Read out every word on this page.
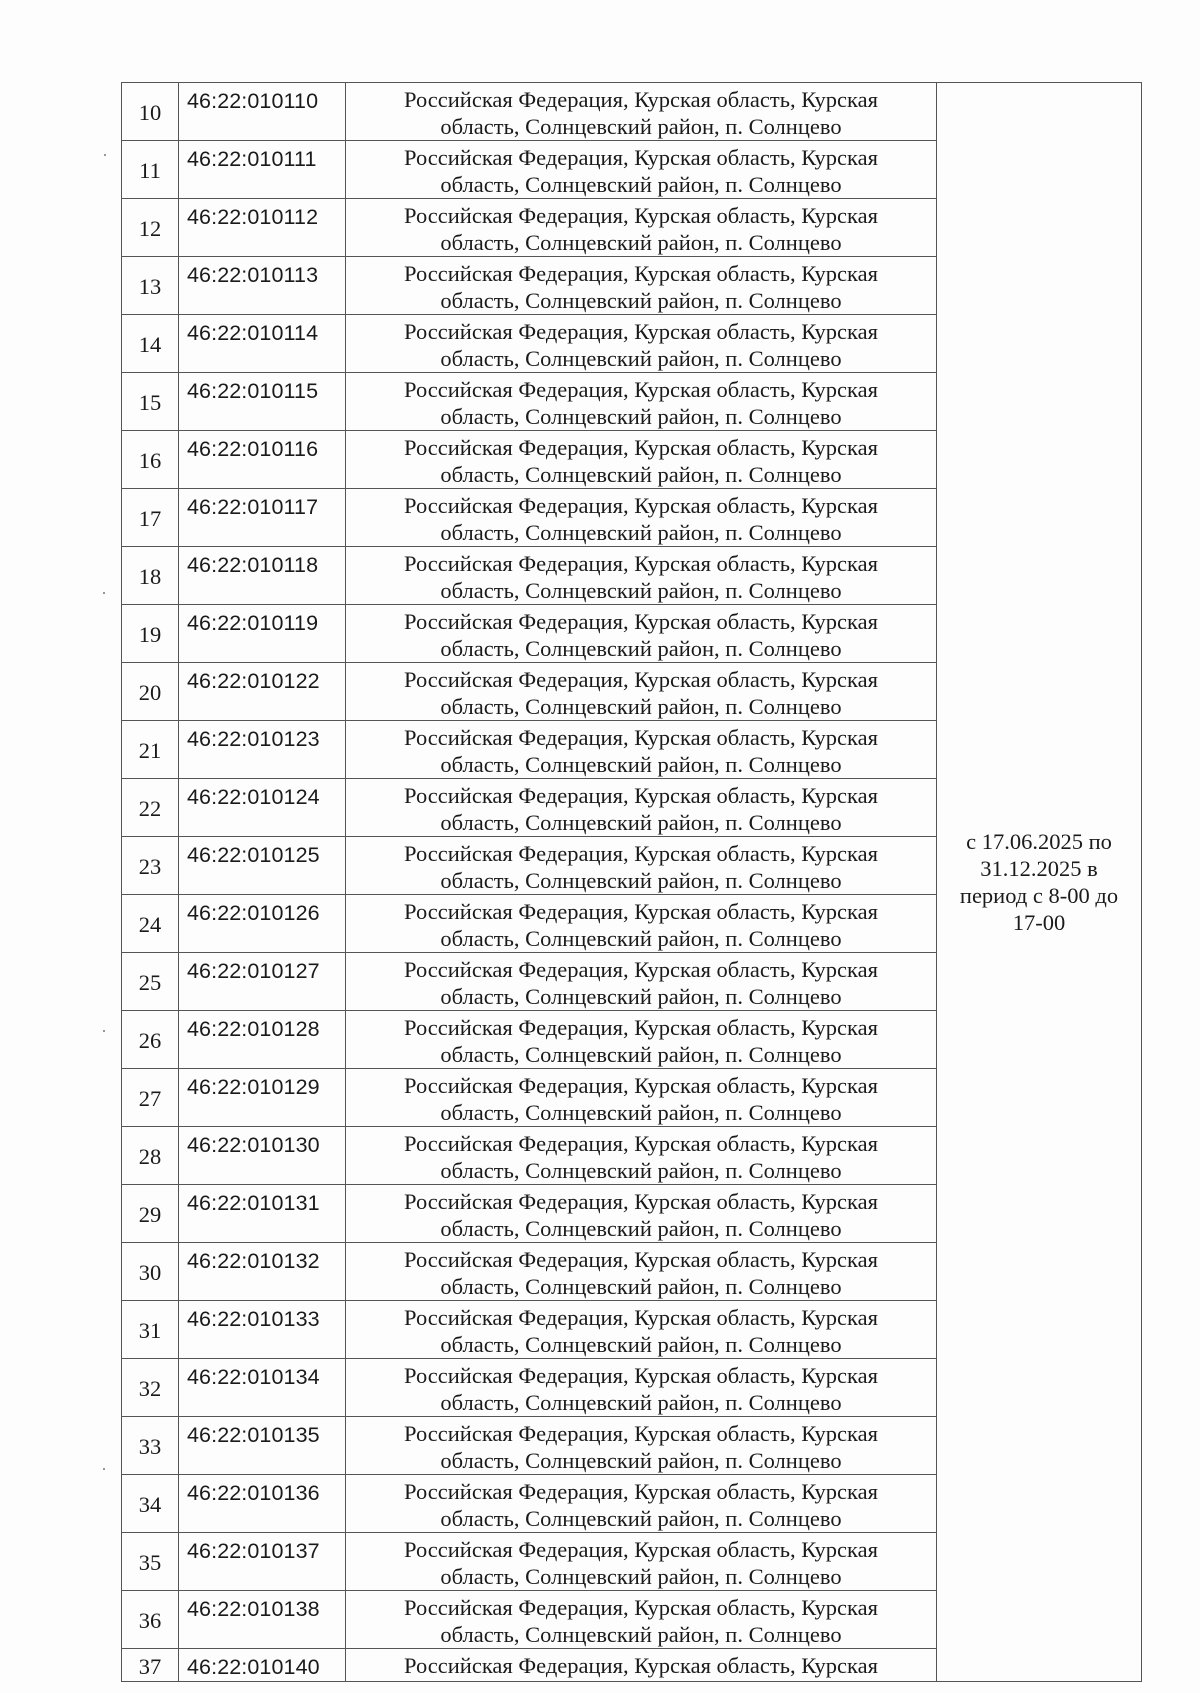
10	46:22:010110	Российская Федерация, Курская область, Курская область, Солнцевский район, п. Солнцево	с 17.06.2025 по 31.12.2025 в период с 8-00 до 17-00
11	46:22:010111	Российская Федерация, Курская область, Курская область, Солнцевский район, п. Солнцево	
12	46:22:010112	Российская Федерация, Курская область, Курская область, Солнцевский район, п. Солнцево	
13	46:22:010113	Российская Федерация, Курская область, Курская область, Солнцевский район, п. Солнцево	
14	46:22:010114	Российская Федерация, Курская область, Курская область, Солнцевский район, п. Солнцево	
15	46:22:010115	Российская Федерация, Курская область, Курская область, Солнцевский район, п. Солнцево	
16	46:22:010116	Российская Федерация, Курская область, Курская область, Солнцевский район, п. Солнцево	
17	46:22:010117	Российская Федерация, Курская область, Курская область, Солнцевский район, п. Солнцево	
18	46:22:010118	Российская Федерация, Курская область, Курская область, Солнцевский район, п. Солнцево	
19	46:22:010119	Российская Федерация, Курская область, Курская область, Солнцевский район, п. Солнцево	
20	46:22:010122	Российская Федерация, Курская область, Курская область, Солнцевский район, п. Солнцево	
21	46:22:010123	Российская Федерация, Курская область, Курская область, Солнцевский район, п. Солнцево	
22	46:22:010124	Российская Федерация, Курская область, Курская область, Солнцевский район, п. Солнцево	
23	46:22:010125	Российская Федерация, Курская область, Курская область, Солнцевский район, п. Солнцево	
24	46:22:010126	Российская Федерация, Курская область, Курская область, Солнцевский район, п. Солнцево	
25	46:22:010127	Российская Федерация, Курская область, Курская область, Солнцевский район, п. Солнцево	
26	46:22:010128	Российская Федерация, Курская область, Курская область, Солнцевский район, п. Солнцево	
27	46:22:010129	Российская Федерация, Курская область, Курская область, Солнцевский район, п. Солнцево	
28	46:22:010130	Российская Федерация, Курская область, Курская область, Солнцевский район, п. Солнцево	
29	46:22:010131	Российская Федерация, Курская область, Курская область, Солнцевский район, п. Солнцево	
30	46:22:010132	Российская Федерация, Курская область, Курская область, Солнцевский район, п. Солнцево	
31	46:22:010133	Российская Федерация, Курская область, Курская область, Солнцевский район, п. Солнцево	
32	46:22:010134	Российская Федерация, Курская область, Курская область, Солнцевский район, п. Солнцево	
33	46:22:010135	Российская Федерация, Курская область, Курская область, Солнцевский район, п. Солнцево	
34	46:22:010136	Российская Федерация, Курская область, Курская область, Солнцевский район, п. Солнцево	
35	46:22:010137	Российская Федерация, Курская область, Курская область, Солнцевский район, п. Солнцево	
36	46:22:010138	Российская Федерация, Курская область, Курская область, Солнцевский район, п. Солнцево	
37	46:22:010140	Российская Федерация, Курская область, Курская	
